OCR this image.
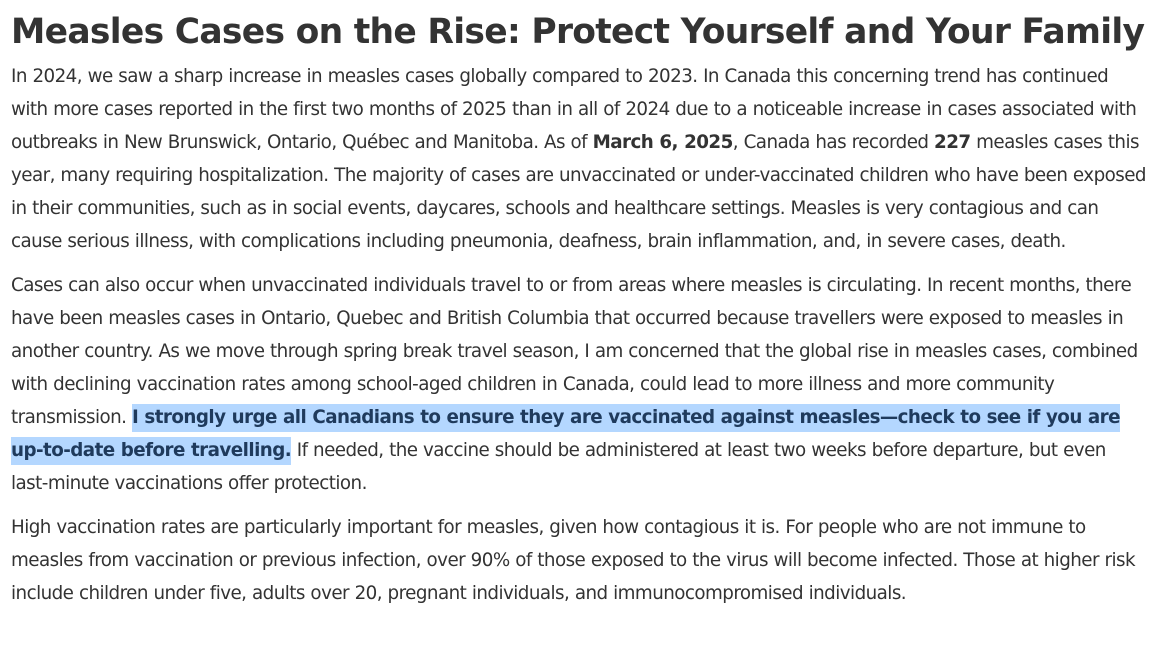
Measles Cases on the Rise: Protect Yourself and Your Family

In 2024, we saw a sharp increase in measles cases globally compared to 2023. In Canada this concerning trend has continued with more cases reported in the first two months of 2025 than in all of 2024 due to a noticeable increase in cases associated with outbreaks in New Brunswick, Ontario, Québec and Manitoba. As of March 6, 2025, Canada has recorded 227 measles cases this year, many requiring hospitalization. The majority of cases are unvaccinated or under-vaccinated children who have been exposed in their communities, such as in social events, daycares, schools and healthcare settings. Measles is very contagious and can cause serious illness, with complications including pneumonia, deafness, brain inflammation, and, in severe cases, death.

Cases can also occur when unvaccinated individuals travel to or from areas where measles is circulating. In recent months, there have been measles cases in Ontario, Quebec and British Columbia that occurred because travellers were exposed to measles in another country. As we move through spring break travel season, I am concerned that the global rise in measles cases, combined with declining vaccination rates among school-aged children in Canada, could lead to more illness and more community transmission. I strongly urge all Canadians to ensure they are vaccinated against measles—check to see if you are up-to-date before travelling. If needed, the vaccine should be administered at least two weeks before departure, but even last-minute vaccinations offer protection.

High vaccination rates are particularly important for measles, given how contagious it is. For people who are not immune to measles from vaccination or previous infection, over 90% of those exposed to the virus will become infected. Those at higher risk include children under five, adults over 20, pregnant individuals, and immunocompromised individuals.
